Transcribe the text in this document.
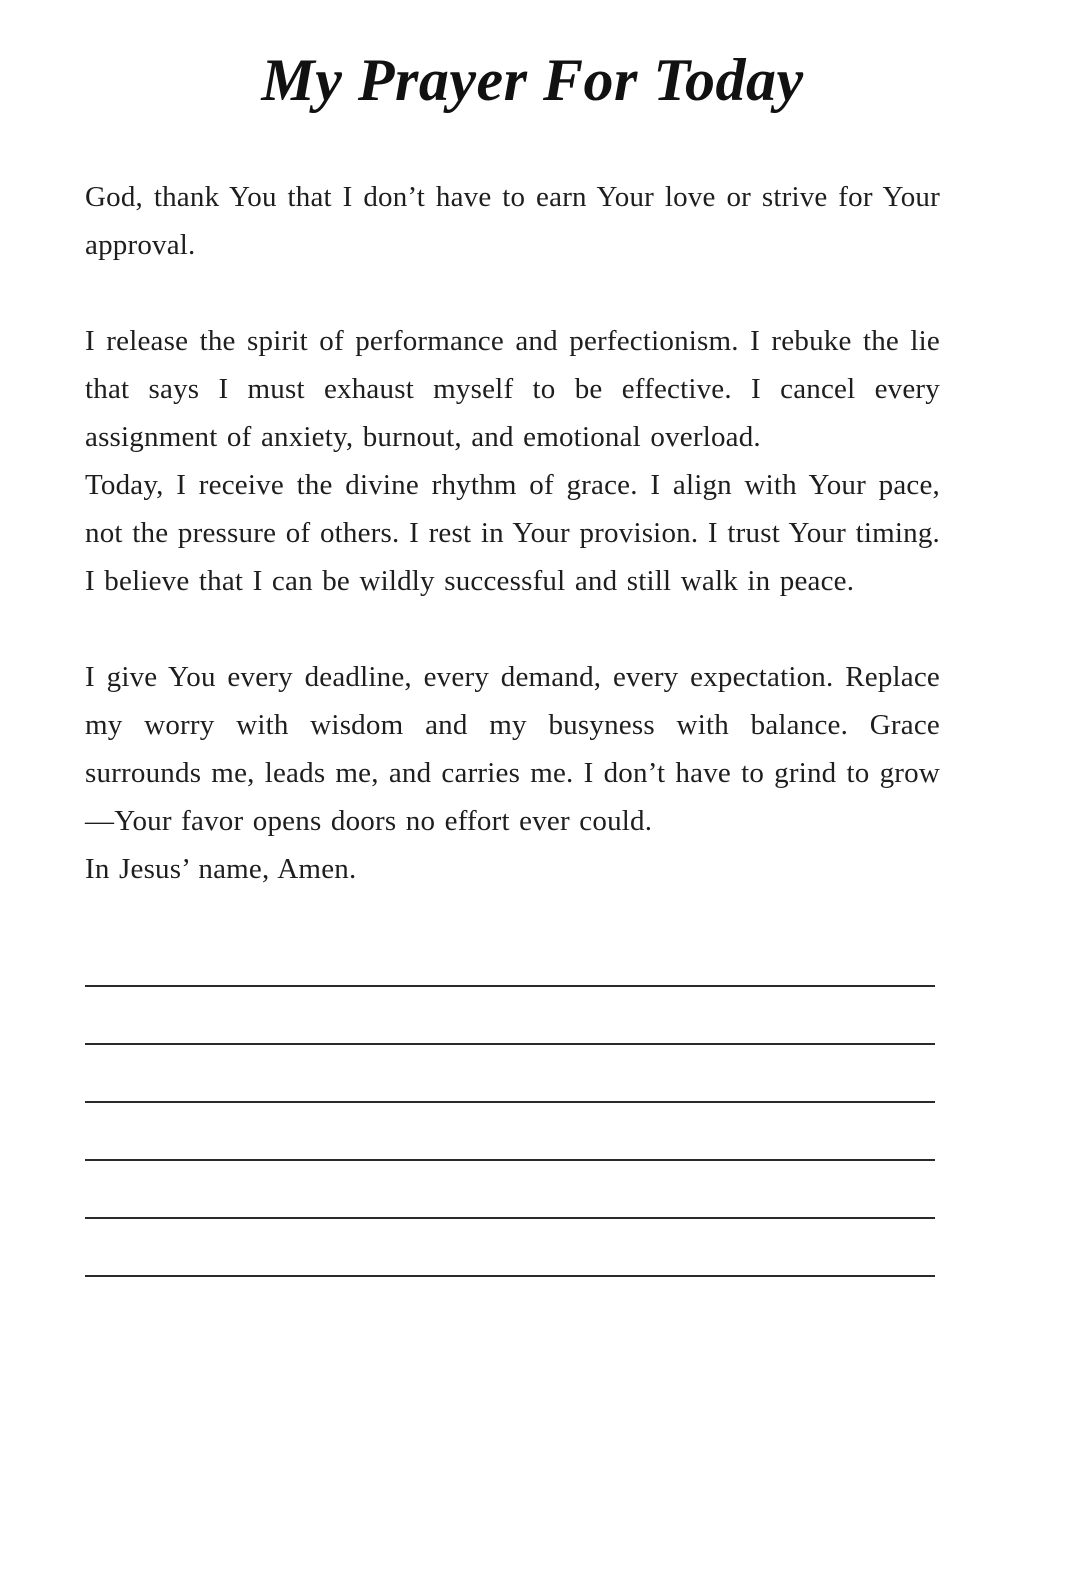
My Prayer For Today

God, thank You that I don’t have to earn Your love or strive for Your approval.

I release the spirit of performance and perfectionism. I rebuke the lie that says I must exhaust myself to be effective. I cancel every assignment of anxiety, burnout, and emotional overload.

Today, I receive the divine rhythm of grace. I align with Your pace, not the pressure of others. I rest in Your provision. I trust Your timing. I believe that I can be wildly successful and still walk in peace.

I give You every deadline, every demand, every expectation. Replace my worry with wisdom and my busyness with balance. Grace surrounds me, leads me, and carries me. I don’t have to grind to grow—Your favor opens doors no effort ever could.

In Jesus’ name, Amen.
